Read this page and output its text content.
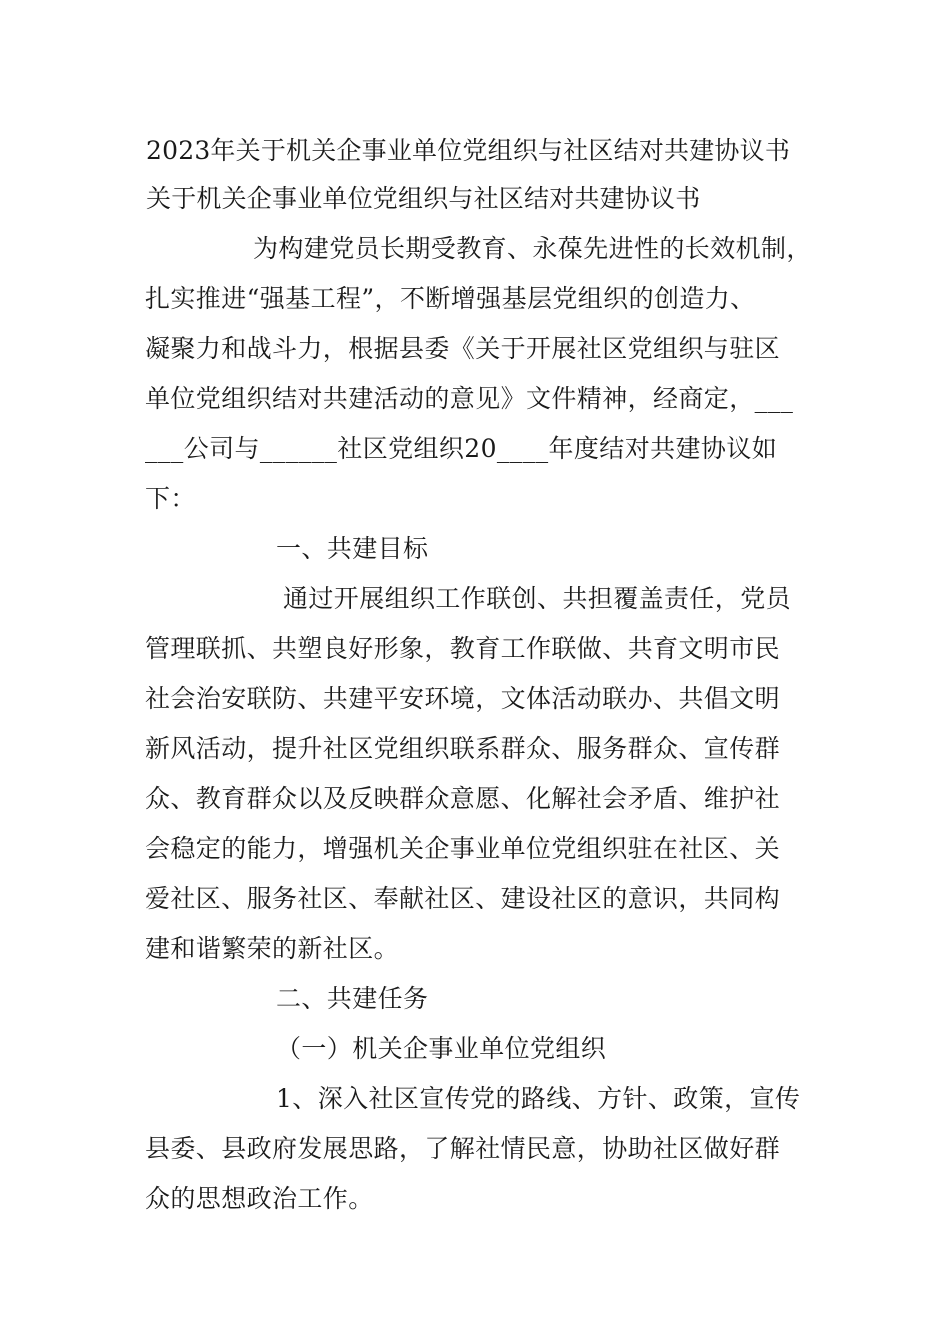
2023年关于机关企事业单位党组织与社区结对共建协议书
关于机关企事业单位党组织与社区结对共建协议书
为构建党员长期受教育、永葆先进性的长效机制，
扎实推进“强基工程”，不断增强基层党组织的创造力、
凝聚力和战斗力，根据县委《关于开展社区党组织与驻区
单位党组织结对共建活动的意见》文件精神，经商定，___
___公司与______社区党组织20____年度结对共建协议如
下：
一、共建目标
通过开展组织工作联创、共担覆盖责任，党员
管理联抓、共塑良好形象，教育工作联做、共育文明市民
社会治安联防、共建平安环境，文体活动联办、共倡文明
新风活动，提升社区党组织联系群众、服务群众、宣传群
众、教育群众以及反映群众意愿、化解社会矛盾、维护社
会稳定的能力，增强机关企事业单位党组织驻在社区、关
爱社区、服务社区、奉献社区、建设社区的意识，共同构
建和谐繁荣的新社区。
二、共建任务
（一）机关企事业单位党组织
1、深入社区宣传党的路线、方针、政策，宣传
县委、县政府发展思路，了解社情民意，协助社区做好群
众的思想政治工作。
